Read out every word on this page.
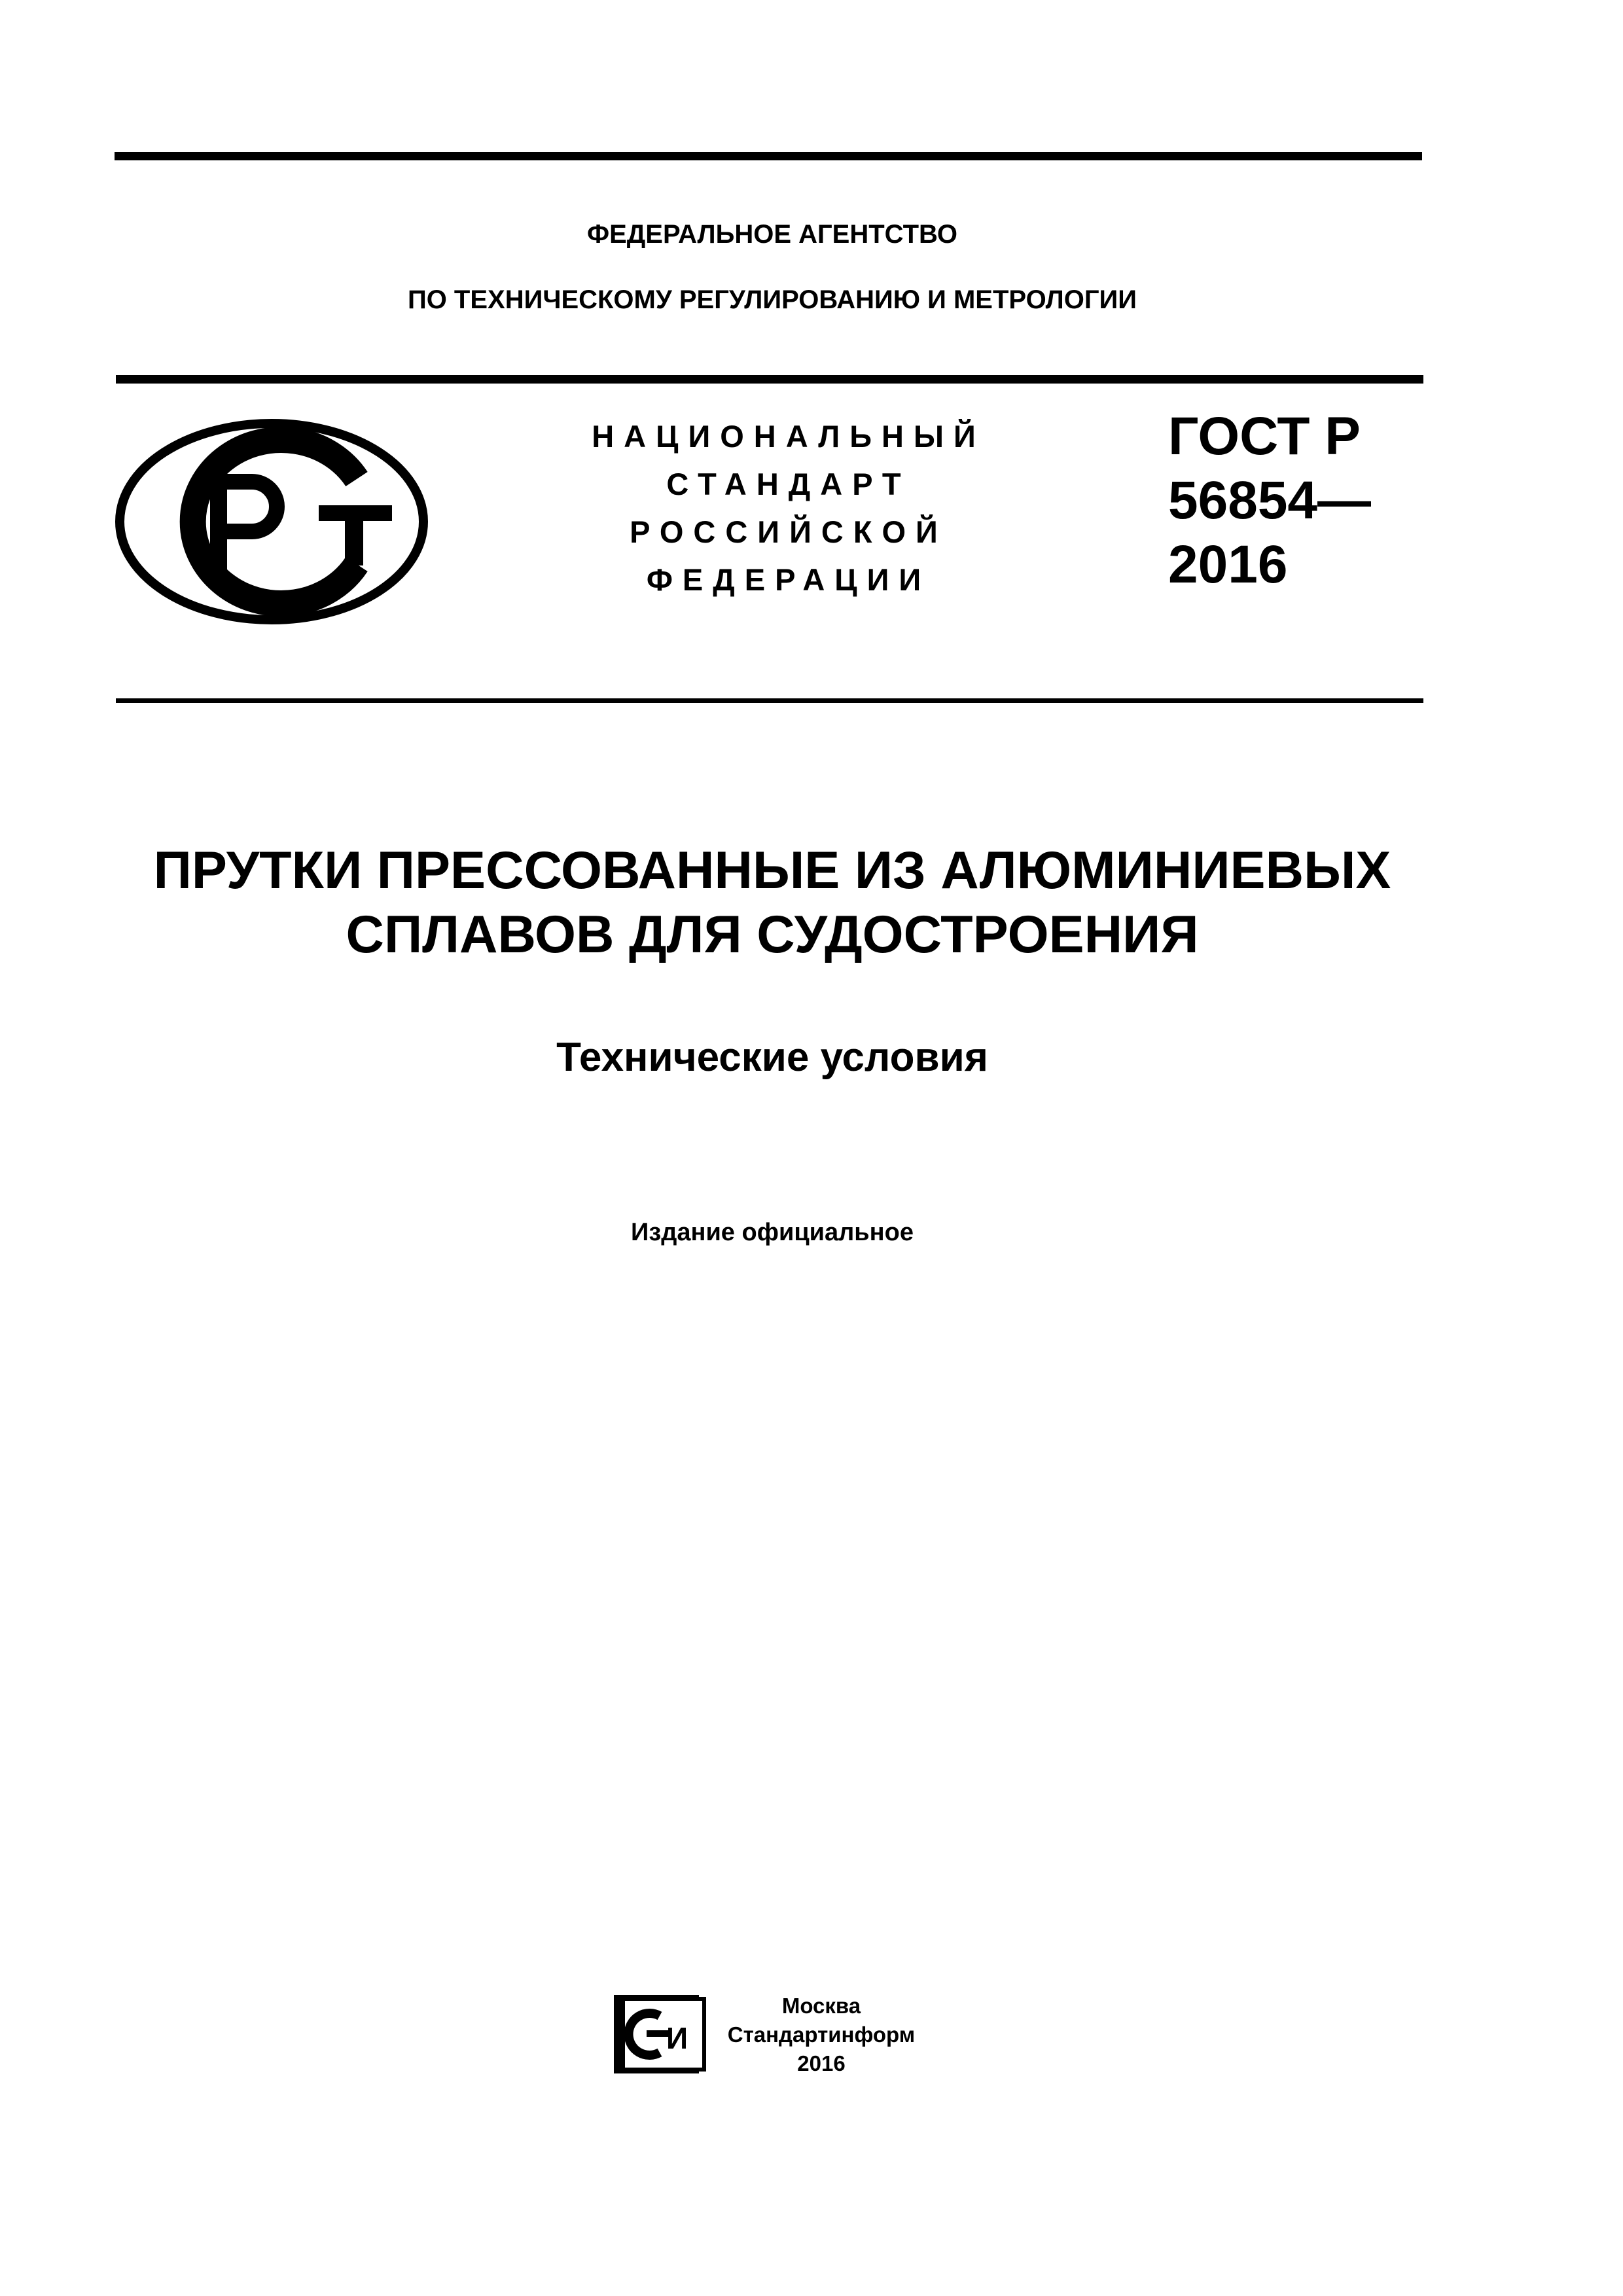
ФЕДЕРАЛЬНОЕ АГЕНТСТВО
ПО ТЕХНИЧЕСКОМУ РЕГУЛИРОВАНИЮ И МЕТРОЛОГИИ
НАЦИОНАЛЬНЫЙ
СТАНДАРТ
РОССИЙСКОЙ
ФЕДЕРАЦИИ
ГОСТ Р
56854—
2016
ПРУТКИ ПРЕССОВАННЫЕ ИЗ АЛЮМИНИЕВЫХ
СПЛАВОВ ДЛЯ СУДОСТРОЕНИЯ
Технические условия
Издание официальное
И
Москва
Стандартинформ
2016
